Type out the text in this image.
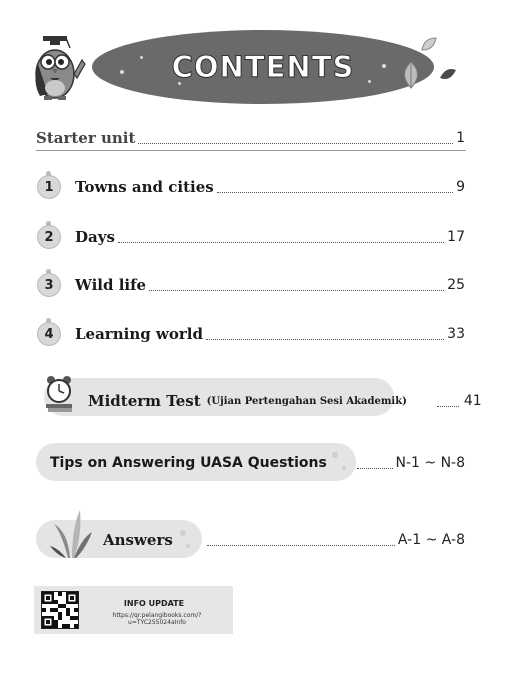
CONTENTS
Starter unit	1
1	Towns and cities	9
2	Days	17
3	Wild life	25
4	Learning world	33
Midterm Test (Ujian Pertengahan Sesi Akademik)	41
Tips on Answering UASA Questions	N-1 ~ N-8
Answers	A-1 ~ A-8
INFO UPDATE
https://qr.pelangibooks.com/?u=TYC255024aInfo
